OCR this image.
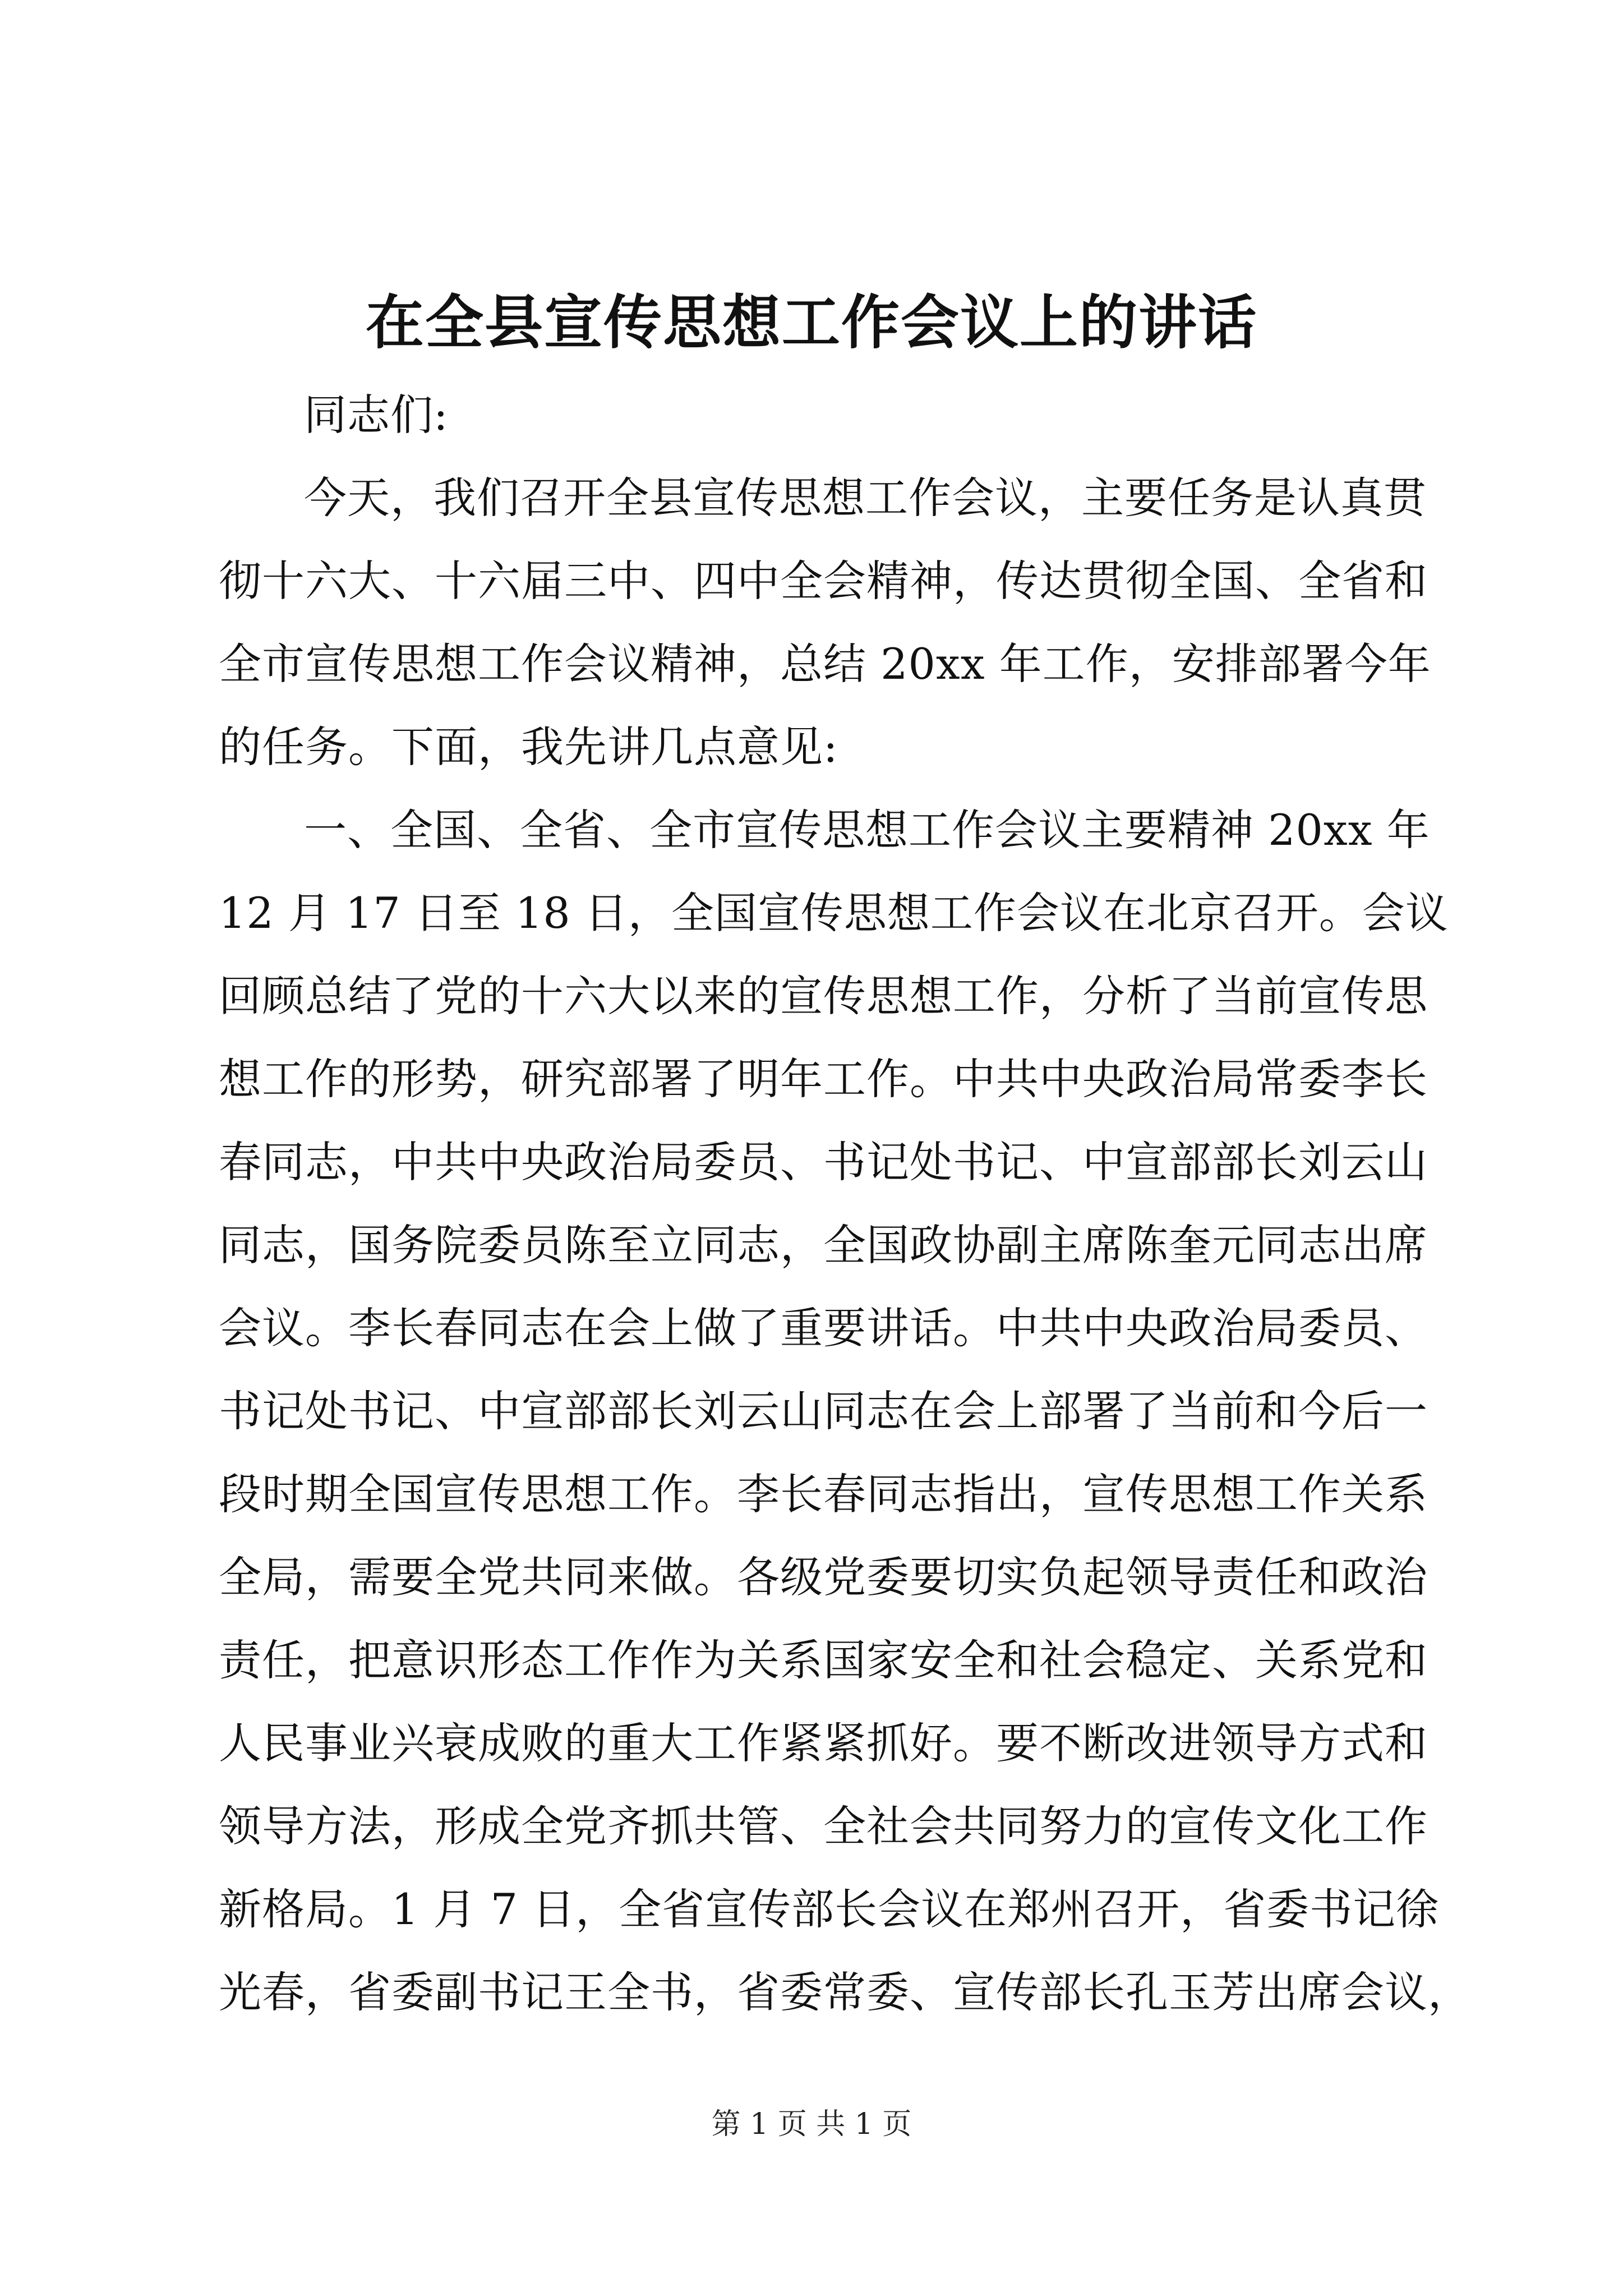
在全县宣传思想工作会议上的讲话
同志们:
今天，我们召开全县宣传思想工作会议，主要任务是认真贯
彻十六大、十六届三中、四中全会精神，传达贯彻全国、全省和
全市宣传思想工作会议精神，总结 20xx 年工作，安排部署今年
的任务。下面，我先讲几点意见:
一、全国、全省、全市宣传思想工作会议主要精神 20xx 年
12 月 17 日至 18 日，全国宣传思想工作会议在北京召开。会议
回顾总结了党的十六大以来的宣传思想工作，分析了当前宣传思
想工作的形势，研究部署了明年工作。中共中央政治局常委李长
春同志，中共中央政治局委员、书记处书记、中宣部部长刘云山
同志，国务院委员陈至立同志，全国政协副主席陈奎元同志出席
会议。李长春同志在会上做了重要讲话。中共中央政治局委员、
书记处书记、中宣部部长刘云山同志在会上部署了当前和今后一
段时期全国宣传思想工作。李长春同志指出，宣传思想工作关系
全局，需要全党共同来做。各级党委要切实负起领导责任和政治
责任，把意识形态工作作为关系国家安全和社会稳定、关系党和
人民事业兴衰成败的重大工作紧紧抓好。要不断改进领导方式和
领导方法，形成全党齐抓共管、全社会共同努力的宣传文化工作
新格局。1 月 7 日，全省宣传部长会议在郑州召开，省委书记徐
光春，省委副书记王全书，省委常委、宣传部长孔玉芳出席会议，
第 1 页 共 1 页
